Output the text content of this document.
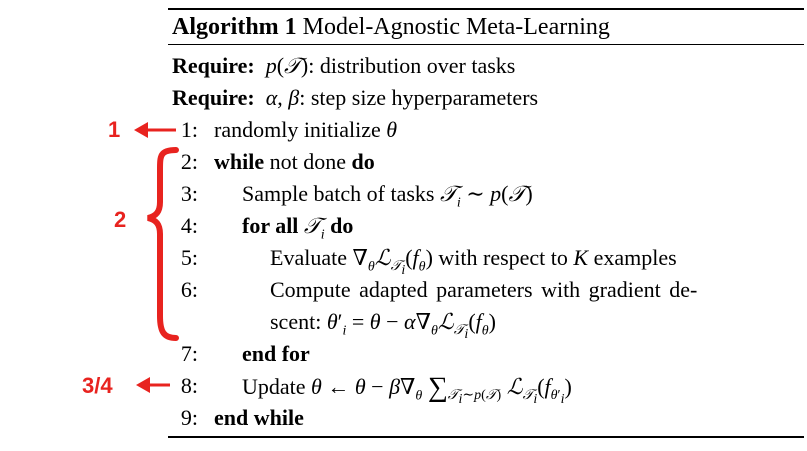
Algorithm 1 Model-Agnostic Meta-Learning
Require: p(𝒯): distribution over tasks
Require: α, β: step size hyperparameters
1: randomly initialize θ
2: while not done do
3: Sample batch of tasks 𝒯$_i$ ∼ p(𝒯)
4: for all 𝒯$_i$ do
5:	Evaluate $\nabla_\theta ℒ_{𝒯_i}(f_\theta)$ with respect to K examples
6:	Compute adapted parameters with gradient de-
scent: $\theta'_i = \theta$ − $\alpha\nabla_\theta ℒ_{𝒯_i}(f_\theta)$
7: end for
8: Update θ ← $\theta - \beta\nabla_\theta$ $\sum_{𝒯_i\sim p(𝒯)}$ $ℒ_{𝒯_i}(f_{\theta'_i})$
9: end while
1
2
3/4
